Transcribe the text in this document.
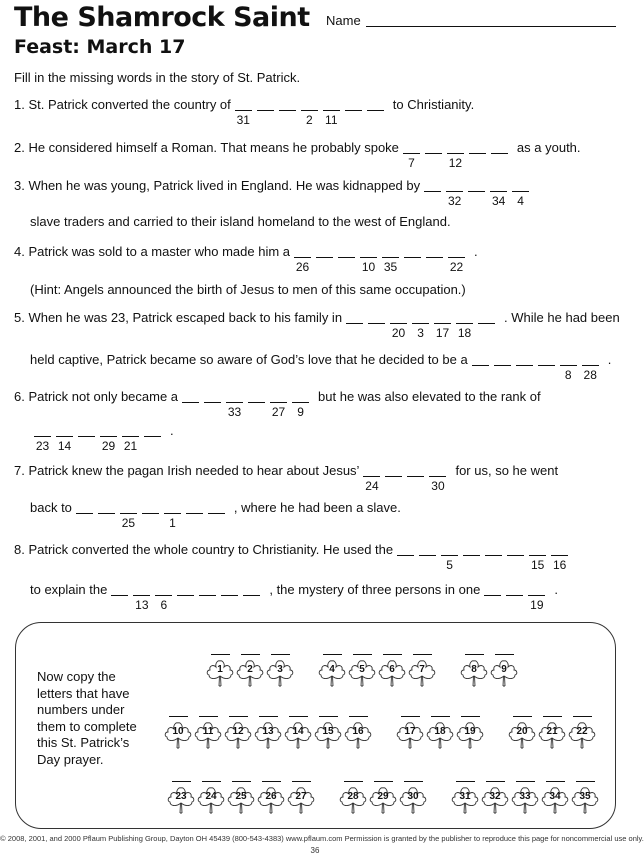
The Shamrock Saint
Feast: March 17
Name
Fill in the missing words in the story of St. Patrick.
1. St. Patrick converted the country of
31	2 11
to Christianity.
2. He considered himself a Roman. That means he probably spoke
7	12
as a youth.
3. When he was young, Patrick lived in England. He was kidnapped by
32	34 4
slave traders and carried to their island homeland to the west of England.
4. Patrick was sold to a master who made him a
26	10 35	22
.
(Hint: Angels announced the birth of Jesus to men of this same occupation.)
5. When he was 23, Patrick escaped back to his family in
20 3 17 18
. While he had been
held captive, Patrick became so aware of God’s love that he decided to be a
8 28
.
6. Patrick not only became a
33	27 9
but he was also elevated to the rank of
23 14	29 21
.
7. Patrick knew the pagan Irish needed to hear about Jesus’
24	30
for us, so he went
back to
25	1
, where he had been a slave.
8. Patrick converted the whole country to Christianity. He used the
5	15 16
to explain the
13 6
, the mystery of three persons in one
19
.
Now copy the letters that have numbers under them to complete this St. Patrick’s Day prayer.
1	2	3	4	5	6	7	8	9
10	11	12	13	14	15	16	17	18	19	20	21	22
23	24	25	26	27	28	29	30	31	32	33	34	35
© 2008, 2001, and 2000 Pflaum Publishing Group, Dayton OH 45439 (800-543-4383) www.pflaum.com Permission is granted by the publisher to reproduce this page for noncommercial use only.
36
